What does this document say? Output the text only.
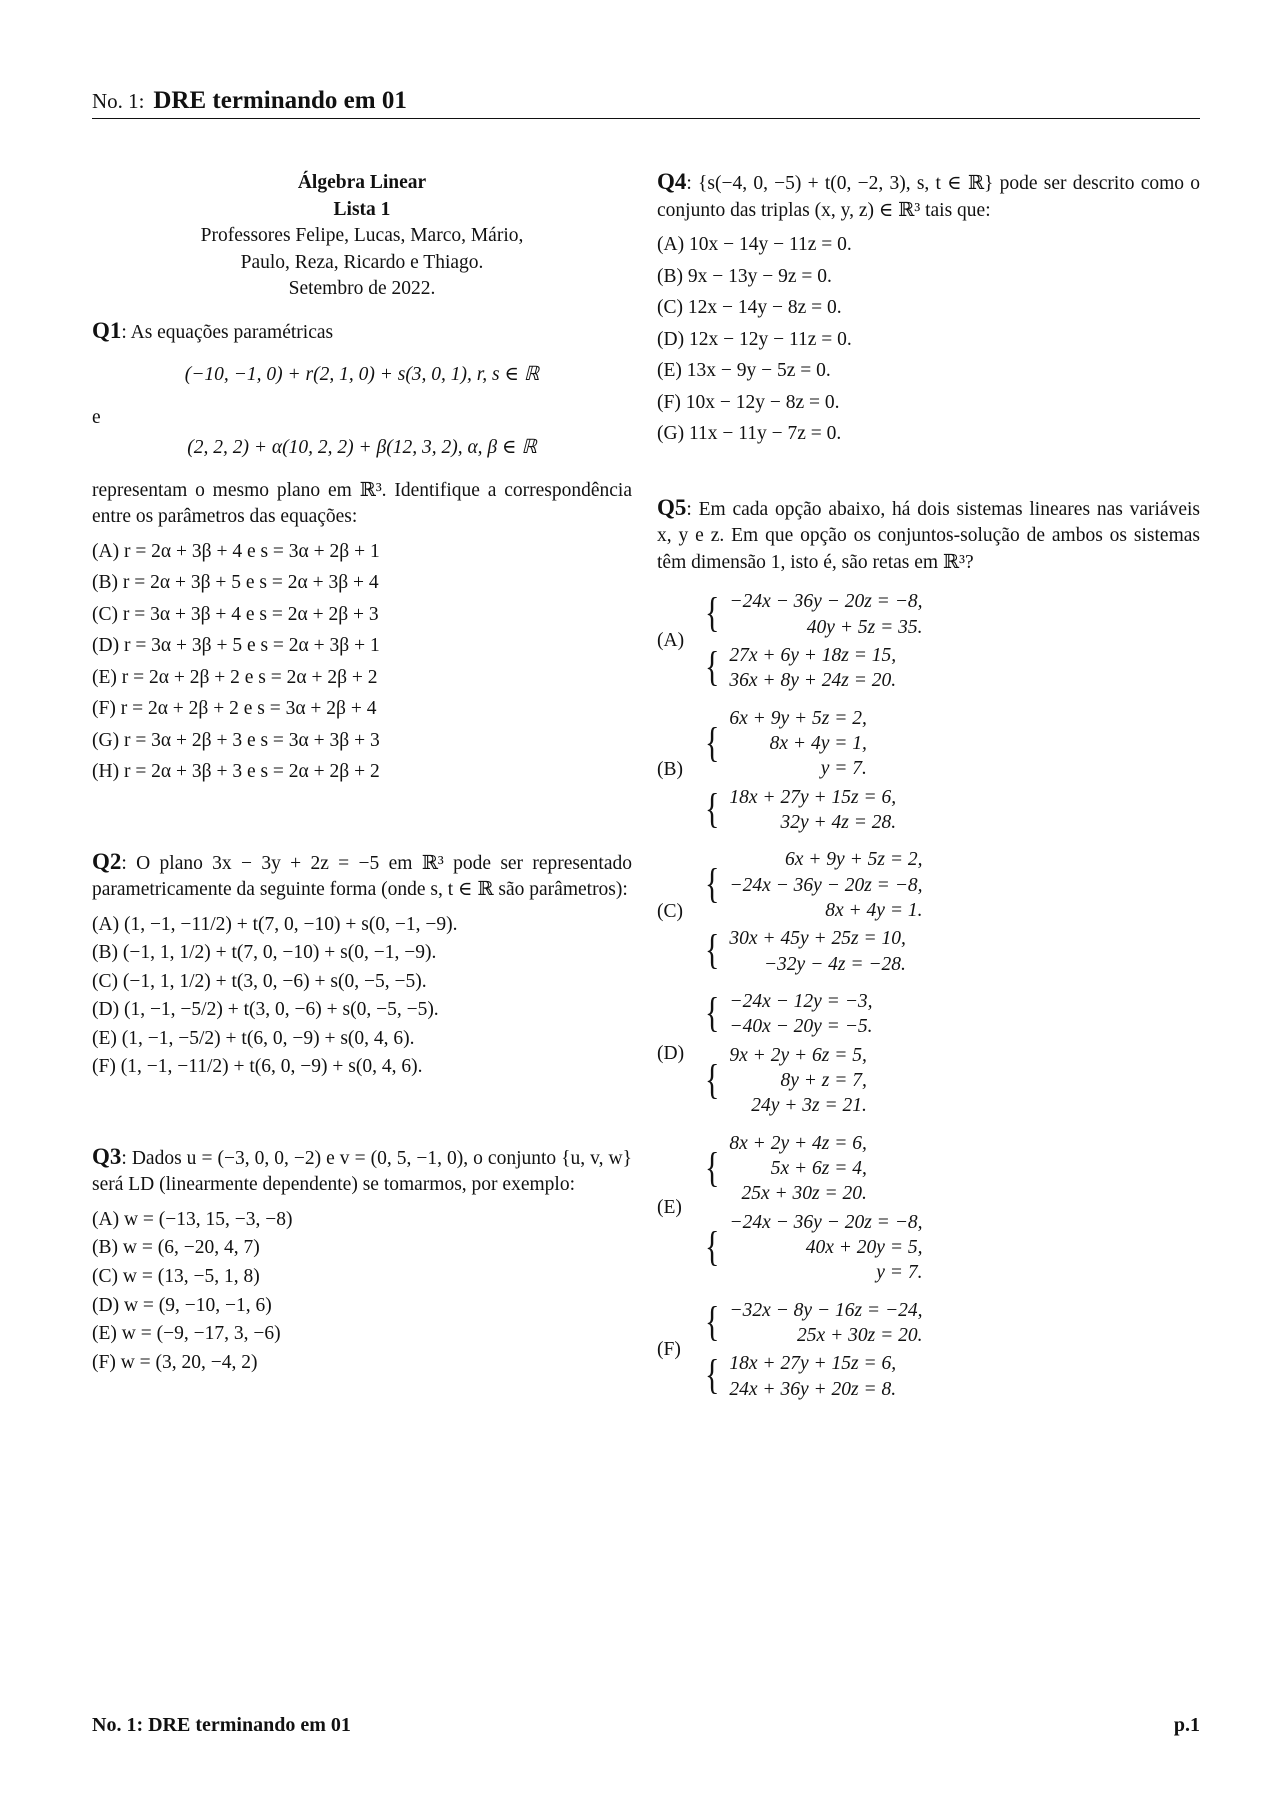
No. 1: DRE terminando em 01
Álgebra Linear
Lista 1
Professores Felipe, Lucas, Marco, Mário,
Paulo, Reza, Ricardo e Thiago.
Setembro de 2022.
Q1: As equações paramétricas
(−10, −1, 0) + r(2, 1, 0) + s(3, 0, 1), r, s ∈ ℝ
e
(2, 2, 2) + α(10, 2, 2) + β(12, 3, 2), α, β ∈ ℝ
representam o mesmo plano em ℝ³. Identifique a correspondência entre os parâmetros das equações:
(A) r = 2α + 3β + 4 e s = 3α + 2β + 1
(B) r = 2α + 3β + 5 e s = 2α + 3β + 4
(C) r = 3α + 3β + 4 e s = 2α + 2β + 3
(D) r = 3α + 3β + 5 e s = 2α + 3β + 1
(E) r = 2α + 2β + 2 e s = 2α + 2β + 2
(F) r = 2α + 2β + 2 e s = 3α + 2β + 4
(G) r = 3α + 2β + 3 e s = 3α + 3β + 3
(H) r = 2α + 3β + 3 e s = 2α + 2β + 2
Q2: O plano 3x − 3y + 2z = −5 em ℝ³ pode ser representado parametricamente da seguinte forma (onde s, t ∈ ℝ são parâmetros):
(A) (1, −1, −11/2) + t(7, 0, −10) + s(0, −1, −9).
(B) (−1, 1, 1/2) + t(7, 0, −10) + s(0, −1, −9).
(C) (−1, 1, 1/2) + t(3, 0, −6) + s(0, −5, −5).
(D) (1, −1, −5/2) + t(3, 0, −6) + s(0, −5, −5).
(E) (1, −1, −5/2) + t(6, 0, −9) + s(0, 4, 6).
(F) (1, −1, −11/2) + t(6, 0, −9) + s(0, 4, 6).
Q3: Dados u = (−3, 0, 0, −2) e v = (0, 5, −1, 0), o conjunto {u, v, w} será LD (linearmente dependente) se tomarmos, por exemplo:
(A) w = (−13, 15, −3, −8)
(B) w = (6, −20, 4, 7)
(C) w = (13, −5, 1, 8)
(D) w = (9, −10, −1, 6)
(E) w = (−9, −17, 3, −6)
(F) w = (3, 20, −4, 2)
Q4: {s(−4, 0, −5) + t(0, −2, 3), s, t ∈ ℝ} pode ser descrito como o conjunto das triplas (x, y, z) ∈ ℝ³ tais que:
(A) 10x − 14y − 11z = 0.
(B) 9x − 13y − 9z = 0.
(C) 12x − 14y − 8z = 0.
(D) 12x − 12y − 11z = 0.
(E) 13x − 9y − 5z = 0.
(F) 10x − 12y − 8z = 0.
(G) 11x − 11y − 7z = 0.
Q5: Em cada opção abaixo, há dois sistemas lineares nas variáveis x, y e z. Em que opção os conjuntos-solução de ambos os sistemas têm dimensão 1, isto é, são retas em ℝ³?
(A)
{ −24x − 36y − 20z = −8,
40y + 5z = 35.
{ 27x + 6y + 18z = 15,
36x + 8y + 24z = 20.
(B)
{
6x + 9y + 5z = 2,
8x + 4y = 1,
y = 7.
{ 18x + 27y + 15z = 6,
32y + 4z = 28.
(C)
{
6x + 9y + 5z = 2,
−24x − 36y − 20z = −8,
8x + 4y = 1.
{ 30x + 45y + 25z = 10,
−32y − 4z = −28.
(D)
{ −24x − 12y = −3,
−40x − 20y = −5.
{
9x + 2y + 6z = 5,
8y + z = 7,
24y + 3z = 21.
(E)
{
8x + 2y + 4z = 6,
5x + 6z = 4,
25x + 30z = 20.
{
−24x − 36y − 20z = −8,
40x + 20y = 5,
y = 7.
(F)
{ −32x − 8y − 16z = −24,
25x + 30z = 20.
{ 18x + 27y + 15z = 6,
24x + 36y + 20z = 8.
No. 1: DRE terminando em 01	p.1
